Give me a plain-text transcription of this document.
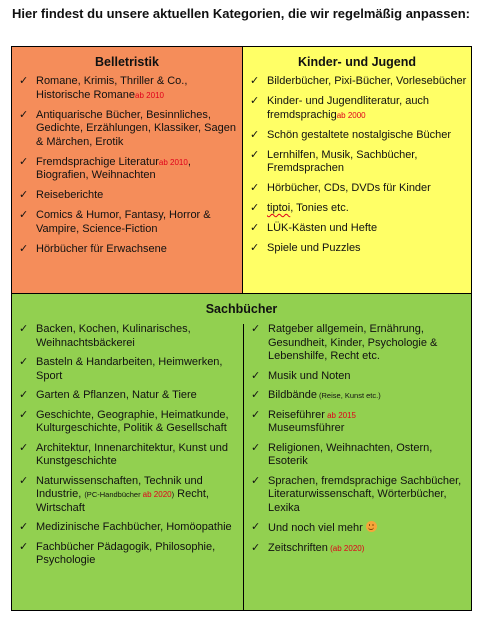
Hier findest du unsere aktuellen Kategorien, die wir regelmäßig anpassen:
Belletristik
✓ Romane, Krimis, Thriller & Co., Historische Romaneab 2010
✓ Antiquarische Bücher, Besinnliches, Gedichte, Erzählungen, Klassiker, Sagen & Märchen, Erotik
✓ Fremdsprachige Literaturab 2010, Biografien, Weihnachten
✓ Reiseberichte
✓ Comics & Humor, Fantasy, Horror & Vampire, Science-Fiction
✓ Hörbücher für Erwachsene
Kinder- und Jugend
✓ Bilderbücher, Pixi-Bücher, Vorlesebücher
✓ Kinder- und Jugendliteratur, auch fremdsprachigab 2000
✓ Schön gestaltete nostalgische Bücher
✓ Lernhilfen, Musik, Sachbücher, Fremdsprachen
✓ Hörbücher, CDs, DVDs für Kinder
✓ tiptoi, Tonies etc.
✓ LÜK-Kästen und Hefte
✓ Spiele und Puzzles
Sachbücher
✓ Backen, Kochen, Kulinarisches, Weihnachtsbäckerei
✓ Basteln & Handarbeiten, Heimwerken, Sport
✓ Garten & Pflanzen, Natur & Tiere
✓ Geschichte, Geographie, Heimatkunde, Kulturgeschichte, Politik & Gesellschaft
✓ Architektur, Innenarchitektur, Kunst und Kunstgeschichte
✓ Naturwissenschaften, Technik und Industrie, (PC-Handbücher ab 2020) Recht, Wirtschaft
✓ Medizinische Fachbücher, Homöopathie
✓ Fachbücher Pädagogik, Philosophie, Psychologie
✓ Ratgeber allgemein, Ernährung, Gesundheit, Kinder, Psychologie & Lebenshilfe, Recht etc.
✓ Musik und Noten
✓ Bildbände (Reise, Kunst etc.)
✓ Reiseführer ab 2015
Museumsführer
✓ Religionen, Weihnachten, Ostern, Esoterik
✓ Sprachen, fremdsprachige Sachbücher, Literaturwissenschaft, Wörterbücher, Lexika
✓ Und noch viel mehr
✓ Zeitschriften (ab 2020)
